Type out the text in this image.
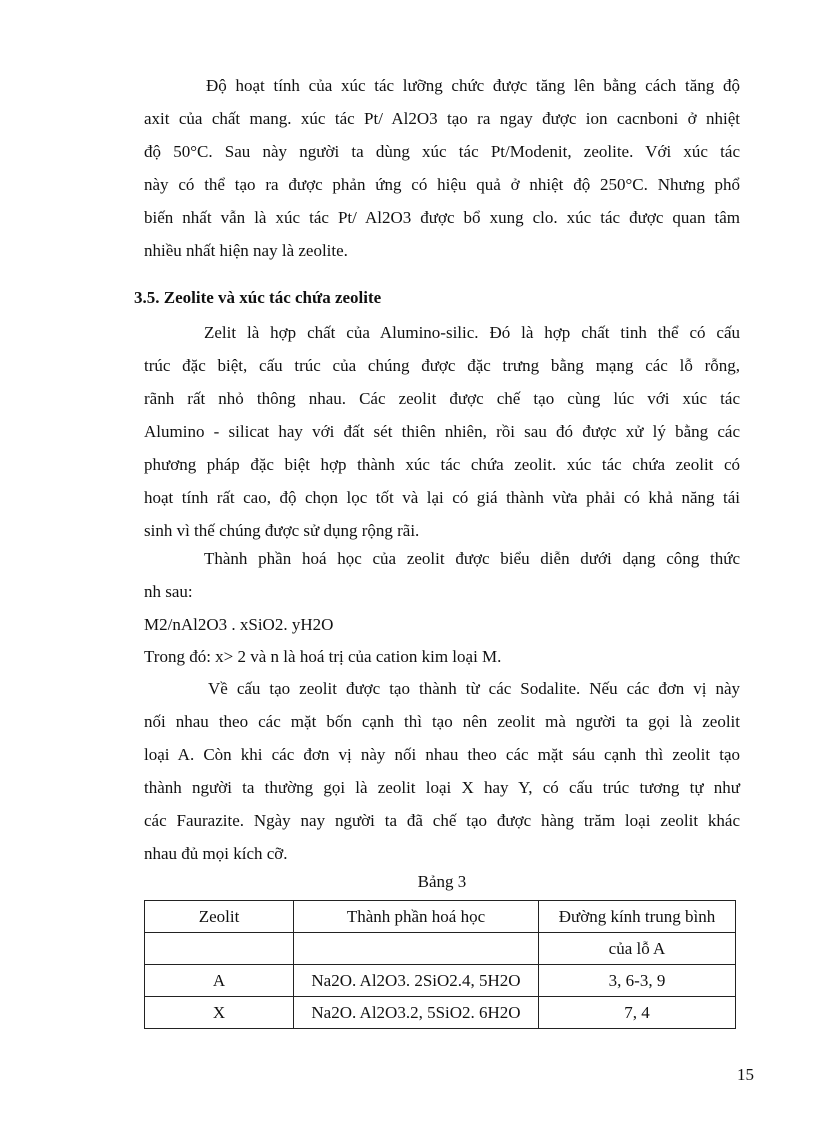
Độ hoạt tính của xúc tác lưỡng chức được tăng lên bằng cách tăng độ
axit của chất mang. xúc tác Pt/ Al2O3 tạo ra ngay được ion cacnboni ở nhiệt
độ 50°C. Sau này người ta dùng xúc tác Pt/Modenit, zeolite. Với xúc tác
này có thể tạo ra được phản ứng có hiệu quả ở nhiệt độ 250°C. Nhưng phổ
biến nhất vẫn là xúc tác Pt/ Al2O3 được bổ xung clo. xúc tác được quan tâm
nhiều nhất hiện nay là zeolite.
3.5. Zeolite và xúc tác chứa zeolite
Zelit là hợp chất của Alumino-silic. Đó là hợp chất tinh thể có cấu
trúc đặc biệt, cấu trúc của chúng được đặc trưng bằng mạng các lỗ rỗng,
rãnh rất nhỏ thông nhau. Các zeolit được chế tạo cùng lúc với xúc tác
Alumino - silicat hay với đất sét thiên nhiên, rồi sau đó được xử lý bằng các
phương pháp đặc biệt hợp thành xúc tác chứa zeolit. xúc tác chứa zeolit có
hoạt tính rất cao, độ chọn lọc tốt và lại có giá thành vừa phải có khả năng tái
sinh vì thế chúng được sử dụng rộng rãi.
Thành phần hoá học của zeolit được biểu diễn dưới dạng công thức
nh sau:
M2/nAl2O3 . xSiO2. yH2O
Trong đó: x> 2 và n là hoá trị của cation kim loại M.
Về cấu tạo zeolit được tạo thành từ các Sodalite. Nếu các đơn vị này
nối nhau theo các mặt bốn cạnh thì tạo nên zeolit mà người ta gọi là zeolit
loại A. Còn khi các đơn vị này nối nhau theo các mặt sáu cạnh thì zeolit tạo
thành người ta thường gọi là zeolit loại X hay Y, có cấu trúc tương tự như
các Faurazite. Ngày nay người ta đã chế tạo được hàng trăm loại zeolit khác
nhau đủ mọi kích cỡ.
Bảng 3
Zeolit	Thành phần hoá học	Đường kính trung bình
		của lỗ A
A	Na2O. Al2O3. 2SiO2.4, 5H2O	3, 6-3, 9
X	Na2O. Al2O3.2, 5SiO2. 6H2O	7, 4
15
